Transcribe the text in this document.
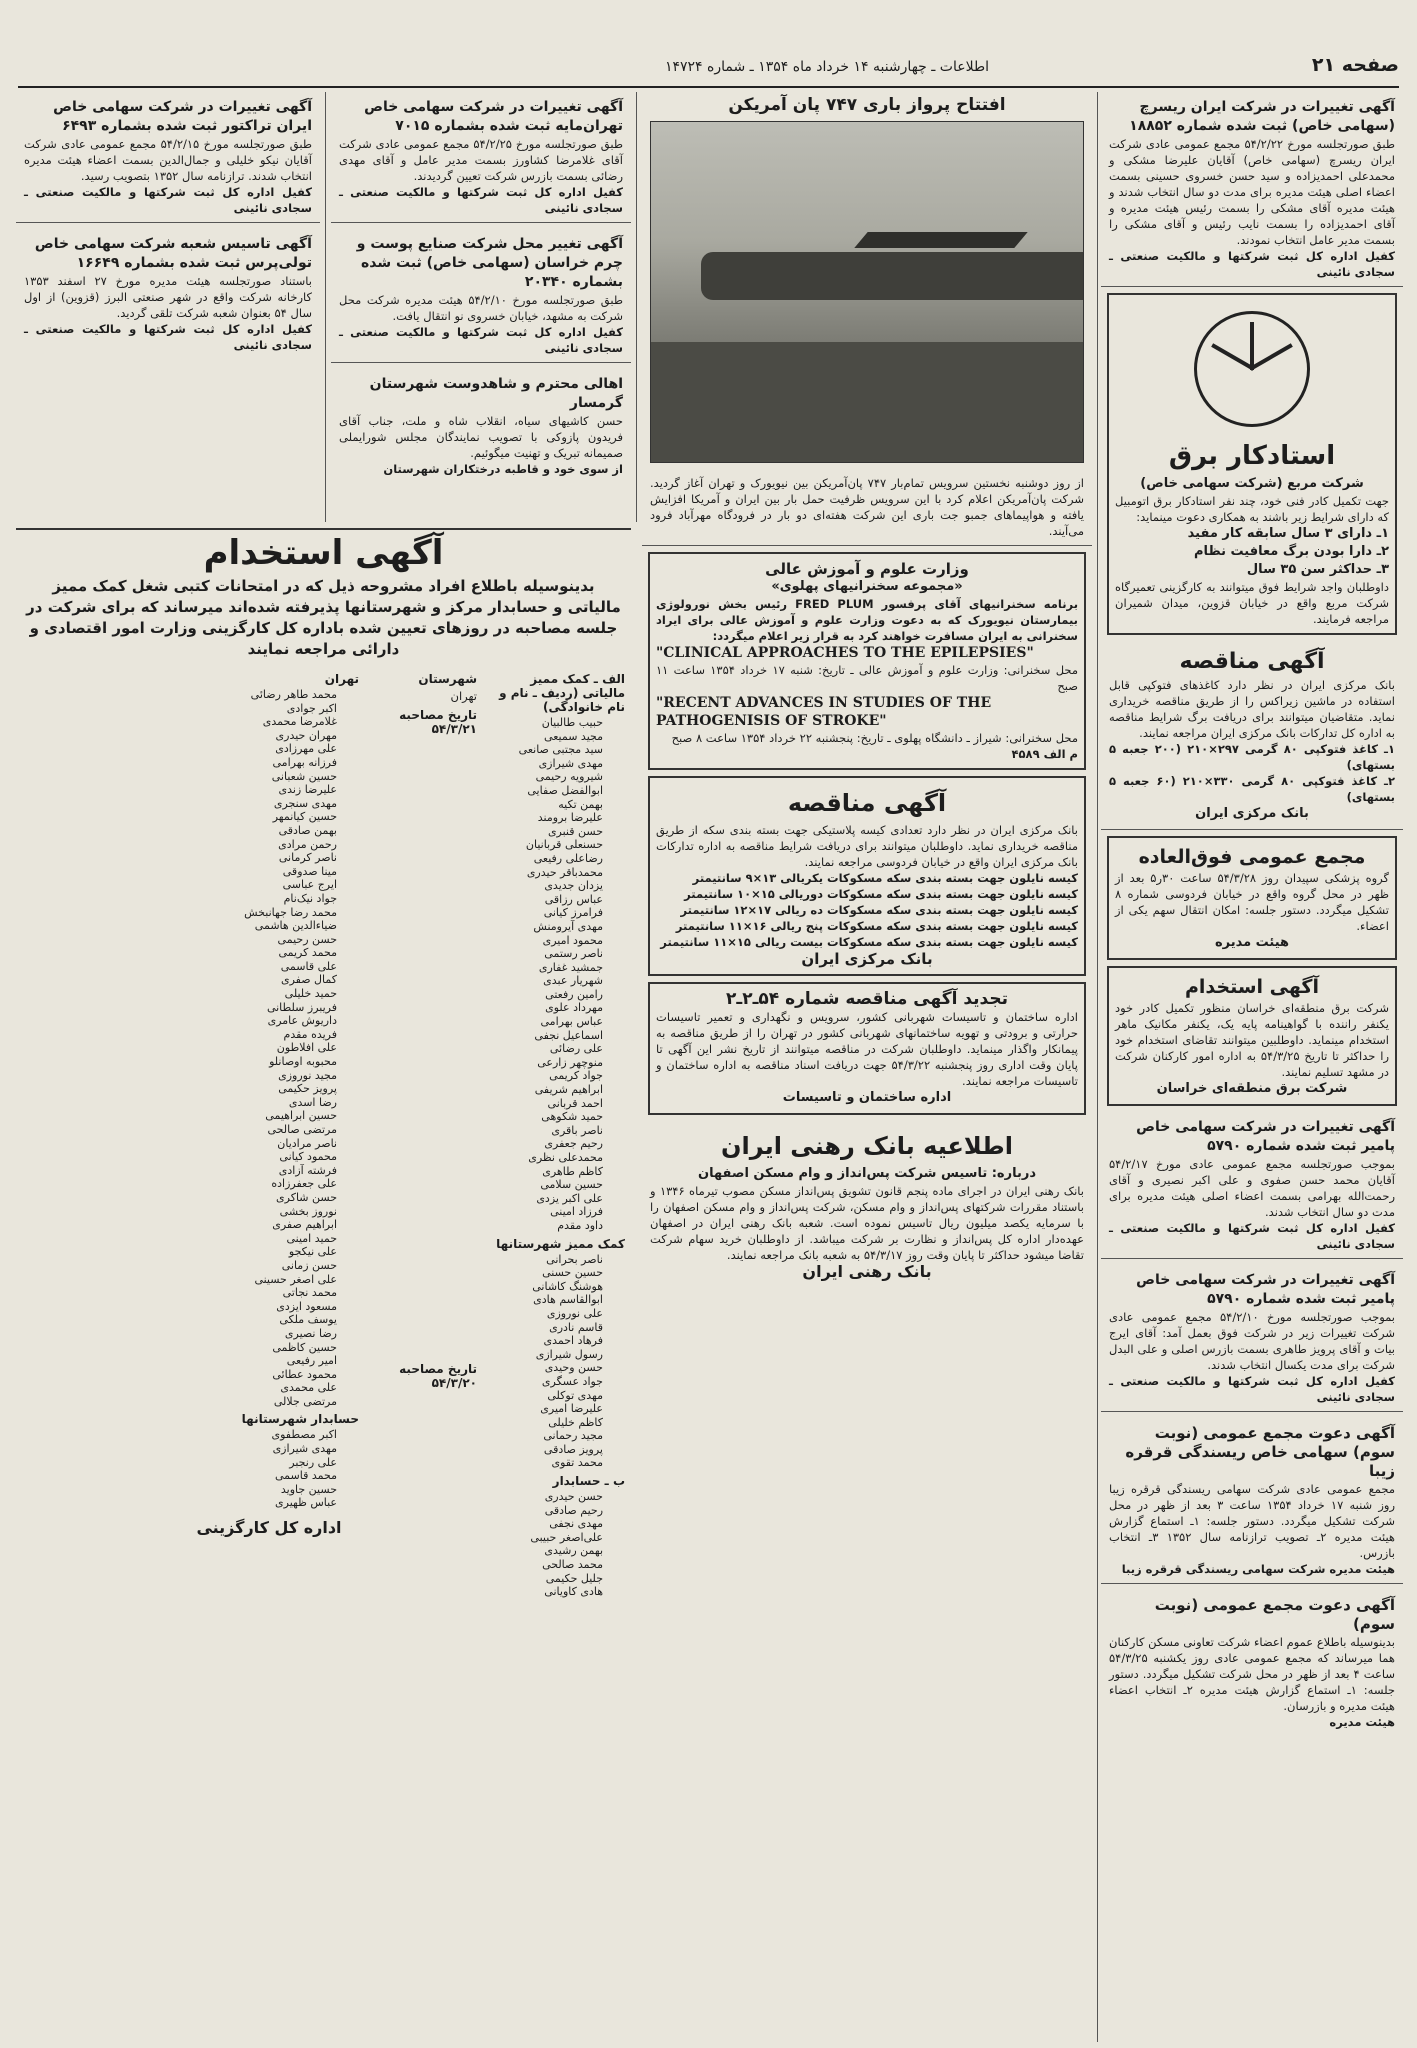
صفحه ۲۱
اطلاعات ـ چهارشنبه ۱۴ خرداد ماه ۱۳۵۴ ـ شماره ۱۴۷۲۴
آگهی تغییرات در شرکت ایران ریسرچ (سهامی خاص) ثبت شده شماره ۱۸۸۵۲
طبق صورتجلسه مورخ ۵۴/۲/۲۲ مجمع عمومی عادی شرکت ایران ریسرچ (سهامی خاص) آقایان علیرضا مشکی و محمدعلی احمدیزاده و سید حسن خسروی حسینی بسمت اعضاء اصلی هیئت مدیره برای مدت دو سال انتخاب شدند و هیئت مدیره آقای مشکی را بسمت رئیس هیئت مدیره و آقای احمدیزاده را بسمت نایب رئیس و آقای مشکی را بسمت مدیر عامل انتخاب نمودند.
کفیل اداره کل ثبت شرکتها و مالکیت صنعتی ـ سجادی نائینی
استادکار برق
شرکت مربع (شرکت سهامی خاص)
جهت تکمیل کادر فنی خود، چند نفر استادکار برق اتومبیل که دارای شرایط زیر باشند به همکاری دعوت مینماید:
۱ـ دارای ۳ سال سابقه کار مفید
۲ـ دارا بودن برگ معافیت نظام
۳ـ حداکثر سن ۳۵ سال
داوطلبان واجد شرایط فوق میتوانند به کارگزینی تعمیرگاه شرکت مربع واقع در خیابان قزوین، میدان شمیران مراجعه فرمایند.
آگهی مناقصه
بانک مرکزی ایران در نظر دارد کاغذهای فتوکپی قابل استفاده در ماشین زیراکس را از طریق مناقصه خریداری نماید. متقاضیان میتوانند برای دریافت برگ شرایط مناقصه به اداره کل تدارکات بانک مرکزی ایران مراجعه نمایند.
۱ـ کاغذ فتوکپی ۸۰ گرمی ۲۹۷×۲۱۰ (۲۰۰ جعبه ۵ بستهای)
۲ـ کاغذ فتوکپی ۸۰ گرمی ۳۳۰×۲۱۰ (۶۰ جعبه ۵ بستهای)
بانک مرکزی ایران
مجمع عمومی فوق‌العاده
گروه پزشکی سپیدان روز ۵۴/۳/۲۸ ساعت ۳۰ر۵ بعد از ظهر در محل گروه واقع در خیابان فردوسی شماره ۸ تشکیل میگردد. دستور جلسه: امکان انتقال سهم یکی از اعضاء.
هیئت مدیره
آگهی استخدام
شرکت برق منطقه‌ای خراسان منظور تکمیل کادر خود یکنفر راننده با گواهینامه پایه یک، یکنفر مکانیک ماهر استخدام مینماید. داوطلبین میتوانند تقاضای استخدام خود را حداکثر تا تاریخ ۵۴/۳/۲۵ به اداره امور کارکنان شرکت در مشهد تسلیم نمایند.
شرکت برق منطقه‌ای خراسان
آگهی تغییرات در شرکت سهامی خاص پامیر ثبت شده شماره ۵۷۹۰
بموجب صورتجلسه مجمع عمومی عادی مورخ ۵۴/۲/۱۷ آقایان محمد حسن صفوی و علی اکبر نصیری و آقای رحمت‌الله بهرامی بسمت اعضاء اصلی هیئت مدیره برای مدت دو سال انتخاب شدند.
کفیل اداره کل ثبت شرکتها و مالکیت صنعتی ـ سجادی نائینی
آگهی تغییرات در شرکت سهامی خاص پامیر ثبت شده شماره ۵۷۹۰
بموجب صورتجلسه مورخ ۵۴/۲/۱۰ مجمع عمومی عادی شرکت تغییرات زیر در شرکت فوق بعمل آمد: آقای ایرج بیات و آقای پرویز طاهری بسمت بازرس اصلی و علی البدل شرکت برای مدت یکسال انتخاب شدند.
کفیل اداره کل ثبت شرکتها و مالکیت صنعتی ـ سجادی نائینی
آگهی دعوت مجمع عمومی (نوبت سوم) سهامی خاص ریسندگی قرقره زیبا
مجمع عمومی عادی شرکت سهامی ریسندگی قرقره زیبا روز شنبه ۱۷ خرداد ۱۳۵۴ ساعت ۳ بعد از ظهر در محل شرکت تشکیل میگردد. دستور جلسه: ۱ـ استماع گزارش هیئت مدیره ۲ـ تصویب ترازنامه سال ۱۳۵۲ ۳ـ انتخاب بازرس.
هیئت مدیره شرکت سهامی ریسندگی قرقره زیبا
آگهی دعوت مجمع عمومی (نوبت سوم)
بدینوسیله باطلاع عموم اعضاء شرکت تعاونی مسکن کارکنان هما میرساند که مجمع عمومی عادی روز یکشنبه ۵۴/۳/۲۵ ساعت ۴ بعد از ظهر در محل شرکت تشکیل میگردد. دستور جلسه: ۱ـ استماع گزارش هیئت مدیره ۲ـ انتخاب اعضاء هیئت مدیره و بازرسان.
هیئت مدیره
افتتاح پرواز باری ۷۴۷ پان آمریکن
از روز دوشنبه نخستین سرویس تمام‌بار ۷۴۷ پان‌آمریکن بین نیویورک و تهران آغاز گردید. شرکت پان‌آمریکن اعلام کرد با این سرویس ظرفیت حمل بار بین ایران و آمریکا افزایش یافته و هواپیماهای جمبو جت باری این شرکت هفته‌ای دو بار در فرودگاه مهرآباد فرود می‌آیند.
وزارت علوم و آموزش عالی
«مجموعه سخنرانیهای پهلوی»
برنامه سخنرانیهای آقای پرفسور FRED PLUM رئیس بخش نورولوژی بیمارستان نیویورک که به دعوت وزارت علوم و آموزش عالی برای ایراد سخنرانی به ایران مسافرت خواهند کرد به قرار زیر اعلام میگردد:
"CLINICAL APPROACHES TO THE EPILEPSIES"
محل سخنرانی: وزارت علوم و آموزش عالی ـ تاریخ: شنبه ۱۷ خرداد ۱۳۵۴ ساعت ۱۱ صبح
"RECENT ADVANCES IN STUDIES OF THE PATHOGENISIS OF STROKE"
محل سخنرانی: شیراز ـ دانشگاه پهلوی ـ تاریخ: پنجشنبه ۲۲ خرداد ۱۳۵۴ ساعت ۸ صبح
م الف ۴۵۸۹
آگهی مناقصه
بانک مرکزی ایران در نظر دارد تعدادی کیسه پلاستیکی جهت بسته بندی سکه از طریق مناقصه خریداری نماید. داوطلبان میتوانند برای دریافت شرایط مناقصه به اداره تدارکات بانک مرکزی ایران واقع در خیابان فردوسی مراجعه نمایند.
کیسه نایلون جهت بسته بندی سکه مسکوکات یکریالی ۱۳×۹ سانتیمتر
کیسه نایلون جهت بسته بندی سکه مسکوکات دوریالی ۱۵×۱۰ سانتیمتر
کیسه نایلون جهت بسته بندی سکه مسکوکات ده ریالی ۱۷×۱۲ سانتیمتر
کیسه نایلون جهت بسته بندی سکه مسکوکات پنج ریالی ۱۶×۱۱ سانتیمتر
کیسه نایلون جهت بسته بندی سکه مسکوکات بیست ریالی ۱۵×۱۱ سانتیمتر
بانک مرکزی ایران
تجدید آگهی مناقصه شماره ۵۴ـ۲ـ۲
اداره ساختمان و تاسیسات شهربانی کشور، سرویس و نگهداری و تعمیر تاسیسات حرارتی و برودتی و تهویه ساختمانهای شهربانی کشور در تهران را از طریق مناقصه به پیمانکار واگذار مینماید. داوطلبان شرکت در مناقصه میتوانند از تاریخ نشر این آگهی تا پایان وقت اداری روز پنجشنبه ۵۴/۳/۲۲ جهت دریافت اسناد مناقصه به اداره ساختمان و تاسیسات مراجعه نمایند.
اداره ساختمان و تاسیسات
اطلاعیه بانک رهنی ایران
درباره: تاسیس شرکت پس‌انداز و وام مسکن اصفهان
بانک رهنی ایران در اجرای ماده پنجم قانون تشویق پس‌انداز مسکن مصوب تیرماه ۱۳۴۶ و باستناد مقررات شرکتهای پس‌انداز و وام مسکن، شرکت پس‌انداز و وام مسکن اصفهان را با سرمایه یکصد میلیون ریال تاسیس نموده است. شعبه بانک رهنی ایران در اصفهان عهده‌دار اداره کل پس‌انداز و نظارت بر شرکت میباشد. از داوطلبان خرید سهام شرکت تقاضا میشود حداکثر تا پایان وقت روز ۵۴/۳/۱۷ به شعبه بانک مراجعه نمایند.
بانک رهنی ایران
آگهی تغییرات در شرکت سهامی خاص تهران‌مایه ثبت شده بشماره ۷۰۱۵
طبق صورتجلسه مورخ ۵۴/۲/۲۵ مجمع عمومی عادی شرکت آقای غلامرضا کشاورز بسمت مدیر عامل و آقای مهدی رضائی بسمت بازرس شرکت تعیین گردیدند.
کفیل اداره کل ثبت شرکتها و مالکیت صنعتی ـ سجادی نائینی
آگهی تغییر محل شرکت صنایع پوست و چرم خراسان (سهامی خاص) ثبت شده بشماره ۲۰۳۴۰
طبق صورتجلسه مورخ ۵۴/۲/۱۰ هیئت مدیره شرکت محل شرکت به مشهد، خیابان خسروی نو انتقال یافت.
کفیل اداره کل ثبت شرکتها و مالکیت صنعتی ـ سجادی نائینی
اهالی محترم و شاهدوست شهرستان گرمسار
حسن کاشیهای سیاه، انقلاب شاه و ملت، جناب آقای فریدون پازوکی با تصویب نمایندگان مجلس شورایملی صمیمانه تبریک و تهنیت میگوئیم.
از سوی خود و قاطبه درختکاران شهرستان
آگهی تغییرات در شرکت سهامی خاص ایران تراکتور ثبت شده بشماره ۶۴۹۳
طبق صورتجلسه مورخ ۵۴/۲/۱۵ مجمع عمومی عادی شرکت آقایان نیکو خلیلی و جمال‌الدین بسمت اعضاء هیئت مدیره انتخاب شدند. ترازنامه سال ۱۳۵۲ بتصویب رسید.
کفیل اداره کل ثبت شرکتها و مالکیت صنعتی ـ سجادی نائینی
آگهی تاسیس شعبه شرکت سهامی خاص تولی‌پرس ثبت شده بشماره ۱۶۶۴۹
باستناد صورتجلسه هیئت مدیره مورخ ۲۷ اسفند ۱۳۵۳ کارخانه شرکت واقع در شهر صنعتی البرز (قزوین) از اول سال ۵۴ بعنوان شعبه شرکت تلقی گردید.
کفیل اداره کل ثبت شرکتها و مالکیت صنعتی ـ سجادی نائینی
آگهی استخدام
بدینوسیله باطلاع افراد مشروحه ذیل که در امتحانات کتبی شغل کمک ممیز مالیاتی و حسابدار مرکز و شهرستانها پذیرفته شده‌اند میرساند که برای شرکت در جلسه مصاحبه در روزهای تعیین شده باداره کل کارگزینی وزارت امور اقتصادی و دارائی مراجعه نمایند
الف ـ کمک ممیز مالیاتی (ردیف ـ نام و نام خانوادگی)
1. حبیب طالبیان
2. مجید سمیعی
3. سید مجتبی صانعی
4. مهدی شیرازی
5. شیرویه رحیمی
6. ابوالفضل صفایی
7. بهمن تکیه
8. علیرضا برومند
9. حسن قنبری
10. حسنعلی قربانیان
11. رضاعلی رفیعی
12. محمدباقر حیدری
13. یزدان جدیدی
14. عباس رزاقی
15. فرامرز کیانی
16. مهدی آیرومنش
17. محمود امیری
18. ناصر رستمی
19. جمشید غفاری
20. شهریار عبدی
21. رامین رفعتی
22. مهرداد علوی
23. عباس بهرامی
24. اسماعیل نجفی
25. علی رضائی
26. منوچهر زارعی
27. جواد کریمی
28. ابراهیم شریفی
29. احمد قربانی
30. حمید شکوهی
31. ناصر باقری
32. رحیم جعفری
33. محمدعلی نظری
34. کاظم طاهری
35. حسین سلامی
36. علی اکبر یزدی
37. فرزاد امینی
38. داود مقدم
کمک ممیز شهرستانها
1. ناصر بحرانی
2. حسین حسنی
3. هوشنگ کاشانی
4. ابوالقاسم هادی
5. علی نوروزی
6. قاسم نادری
7. فرهاد احمدی
8. رسول شیرازی
9. حسن وحیدی
10. جواد عسگری
11. مهدی توکلی
12. علیرضا امیری
13. کاظم خلیلی
14. مجید رحمانی
15. پرویز صادقی
16. محمد تقوی
ب ـ حسابدار
1. حسن حیدری
2. رحیم صادقی
3. مهدی نجفی
4. علی‌اصغر حبیبی
5. بهمن رشیدی
6. محمد صالحی
7. جلیل حکیمی
8. هادی کاویانی
شهرستان
تهران
تاریخ مصاحبه ۵۴/۳/۲۱
تاریخ مصاحبه ۵۴/۳/۲۰
تهران
1. محمد طاهر رضائی
2. اکبر جوادی
3. غلامرضا محمدی
4. مهران حیدری
5. علی مهرزادی
6. فرزانه بهرامی
7. حسین شعبانی
8. علیرضا زندی
9. مهدی سنجری
10. حسین کیانمهر
11. بهمن صادقی
12. رحمن مرادی
13. ناصر کرمانی
14. مینا صدوقی
15. ایرج عباسی
16. جواد نیک‌نام
17. محمد رضا جهانبخش
18. ضیاءالدین هاشمی
19. حسن رحیمی
20. محمد کریمی
21. علی قاسمی
22. کمال صفری
23. حمید خلیلی
24. فریبرز سلطانی
25. داریوش عامری
26. فریده مقدم
27. علی افلاطون
28. محبوبه اوصانلو
29. مجید نوروزی
30. پرویز حکیمی
31. رضا اسدی
32. حسین ابراهیمی
33. مرتضی صالحی
34. ناصر مرادیان
35. محمود کیانی
36. فرشته آزادی
37. علی جعفرزاده
38. حسن شاکری
1. نوروز بخشی
2. ابراهیم صفری
3. حمید امینی
4. علی نیکجو
5. حسن زمانی
6. علی اصغر حسینی
7. محمد نجاتی
8. مسعود ایزدی
9. یوسف ملکی
10. رضا نصیری
11. حسین کاظمی
12. امیر رفیعی
13. محمود عطائی
14. علی محمدی
15. مرتضی جلالی
حسابدار شهرستانها
1. اکبر مصطفوی
2. مهدی شیرازی
3. علی رنجبر
4. محمد قاسمی
5. حسین جاوید
6. عباس ظهیری
اداره کل کارگزینی
